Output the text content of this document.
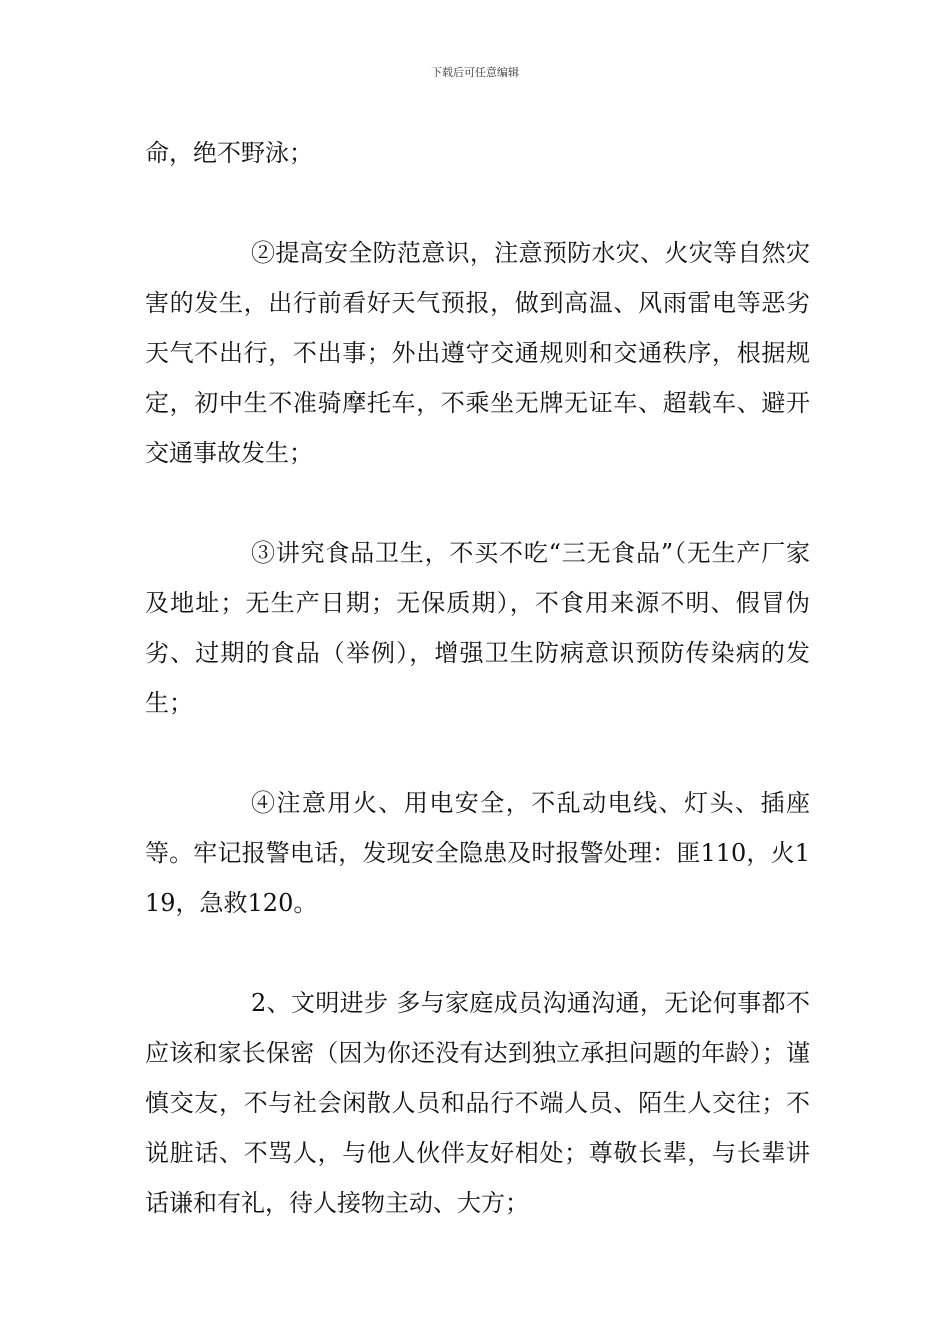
下载后可任意编辑

命，绝不野泳；

②提高安全防范意识，注意预防水灾、火灾等自然灾害的发生，出行前看好天气预报，做到高温、风雨雷电等恶劣天气不出行，不出事；外出遵守交通规则和交通秩序，根据规定，初中生不准骑摩托车，不乘坐无牌无证车、超载车、避开交通事故发生；

③讲究食品卫生，不买不吃“三无食品”（无生产厂家及地址；无生产日期；无保质期），不食用来源不明、假冒伪劣、过期的食品（举例），增强卫生防病意识预防传染病的发生；

④注意用火、用电安全，不乱动电线、灯头、插座等。牢记报警电话，发现安全隐患及时报警处理：匪110，火119，急救120。

2、文明进步 多与家庭成员沟通沟通，无论何事都不应该和家长保密（因为你还没有达到独立承担问题的年龄）；谨慎交友，不与社会闲散人员和品行不端人员、陌生人交往；不说脏话、不骂人，与他人伙伴友好相处；尊敬长辈，与长辈讲话谦和有礼，待人接物主动、大方；
